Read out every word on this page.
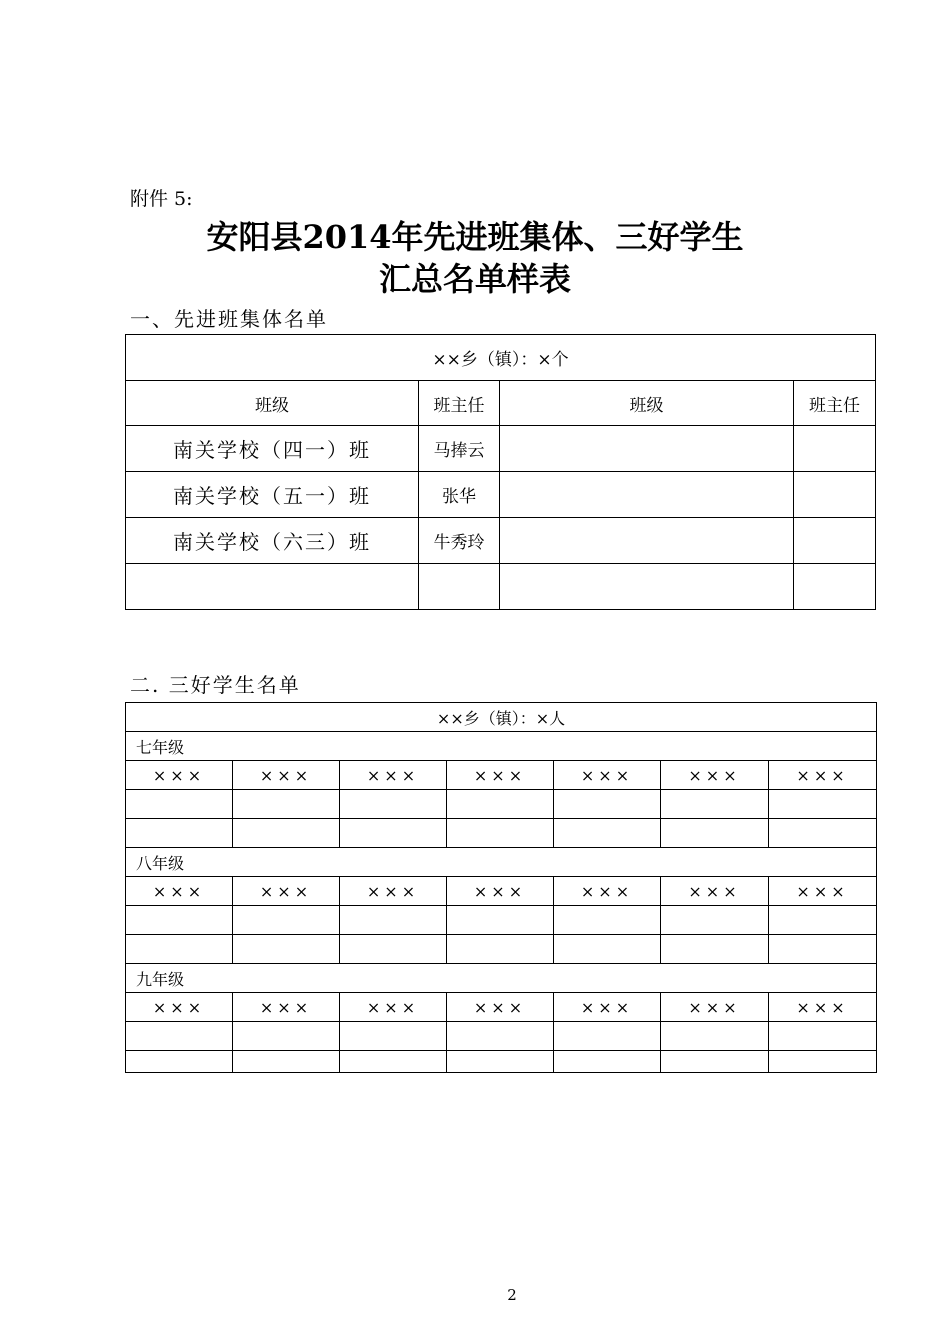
附件 5:
安阳县2014年先进班集体、三好学生
汇总名单样表
一、先进班集体名单
××乡（镇）：×个			
班级	班主任	班级	班主任
南关学校（四一）班	马捧云		
南关学校（五一）班	张华		
南关学校（六三）班	牛秀玲		

二. 三好学生名单
××乡（镇）：×人						
七年级						
×××	×××	×××	×××	×××	×××	×××

八年级						
×××	×××	×××	×××	×××	×××	×××

九年级						
×××	×××	×××	×××	×××	×××	×××

2
